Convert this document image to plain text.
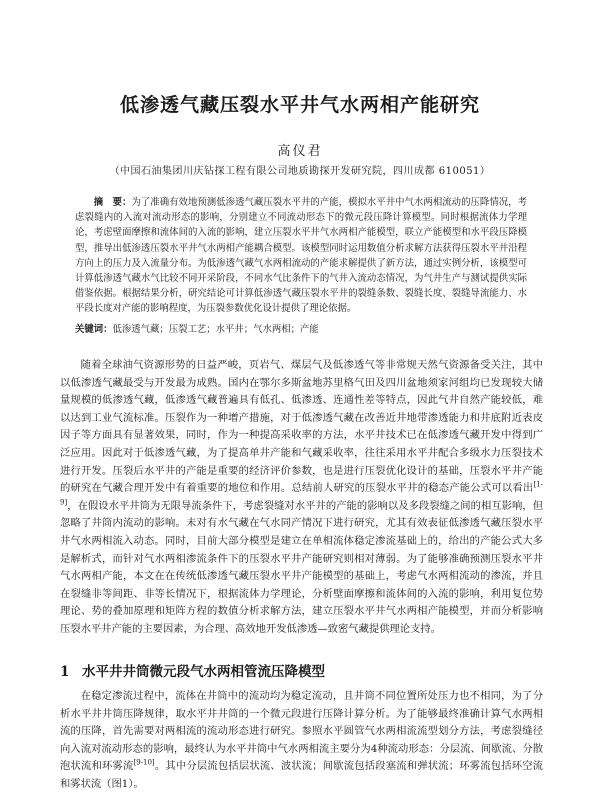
低渗透气藏压裂水平井气水两相产能研究
高仪君
（中国石油集团川庆钻探工程有限公司地质勘探开发研究院，四川成都 610051）
摘　要：为了准确有效地预测低渗透气藏压裂水平井的产能，模拟水平井中气水两相流动的压降情况，考虑裂缝内的入流对流动形态的影响，分别建立不同流动形态下的微元段压降计算模型。同时根据流体力学理论，考虑壁面摩擦和流体间的入流的影响，建立压裂水平井气水两相产能模型，联立产能模型和水平段压降模型，推导出低渗透压裂水平井气水两相产能耦合模型。该模型同时运用数值分析求解方法获得压裂水平井沿程方向上的压力及入流量分布。为低渗透气藏气水两相流动的产能求解提供了新方法，通过实例分析，该模型可计算低渗透气藏水气比较不同开采阶段，不同水气比条件下的气井入流动态情况，为气井生产与测试提供实际借鉴依据。根据结果分析，研究结论可计算低渗透气藏压裂水平井的裂缝条数、裂缝长度、裂缝导流能力、水平段长度对产能的影响程度，为压裂参数优化设计提供了理论依据。
关键词：低渗透气藏；压裂工艺；水平井；气水两相；产能

随着全球油气资源形势的日益严峻，页岩气、煤层气及低渗透气等非常规天然气资源备受关注，其中以低渗透气藏最受与开发最为成熟。国内在鄂尔多斯盆地苏里格气田及四川盆地须家河组均已发现较大储量规模的低渗透气藏，低渗透气藏普遍具有低孔、低渗透、连通性差等特点，因此气井自然产能较低，难以达到工业气流标准。压裂作为一种增产措施，对于低渗透气藏在改善近井地带渗透能力和井底附近表皮因子等方面具有显著效果，同时，作为一种提高采收率的方法，水平井技术已在低渗透气藏开发中得到广泛应用。因此对于低渗透气藏，为了提高单井产能和气藏采收率，往往采用水平井配合多级水力压裂技术进行开发。压裂后水平井的产能是重要的经济评价参数，也是进行压裂优化设计的基础，压裂水平井产能的研究在气藏合理开发中有着重要的地位和作用。总结前人研究的压裂水平井的稳态产能公式可以看出[1-9]，在假设水平井筒为无限导流条件下，考虑裂缝对水平井的产能的影响以及多段裂缝之间的相互影响，但忽略了井筒内流动的影响。未对有水气藏在气水同产情况下进行研究，尤其有效表征低渗透气藏压裂水平井气水两相流入动态。同时，目前大部分模型是建立在单相流体稳定渗流基础上的，给出的产能公式大多是解析式，而针对气水两相渗流条件下的压裂水平井产能研究则相对薄弱。为了能够准确预测压裂水平井气水两相产能，本文在在传统低渗透气藏压裂水平井产能模型的基础上，考虑气水两相流动的渗流，并且在裂缝非等间距、非等长情况下，根据流体力学理论，分析壁面摩擦和流体间的入流的影响，利用复位势理论、势的叠加原理和矩阵方程的数值分析求解方法，建立压裂水平井气水两相产能模型，并而分析影响压裂水平井产能的主要因素，为合理、高效地开发低渗透—致密气藏提供理论支持。

1 水平井井筒微元段气水两相管流压降模型

在稳定渗流过程中，流体在井筒中的流动均为稳定流动，且井筒不同位置所处压力也不相同，为了分析水平井井筒压降规律，取水平井井筒的一个微元段进行压降计算分析。为了能够最终准确计算气水两相流的压降，首先需要对两相流的流动形态进行研究。参照水平圆管气水两相流流型划分方法，考虑裂缝径向入流对流动形态的影响，最终认为水平井筒中气水两相流主要分为4种流动形态：分层流、间歇流、分散泡状流和环雾流[9-10]。其中分层流包括层状流、波状流；间歇流包括段塞流和弹状流；环雾流包括环空流和雾状流（图1）。
